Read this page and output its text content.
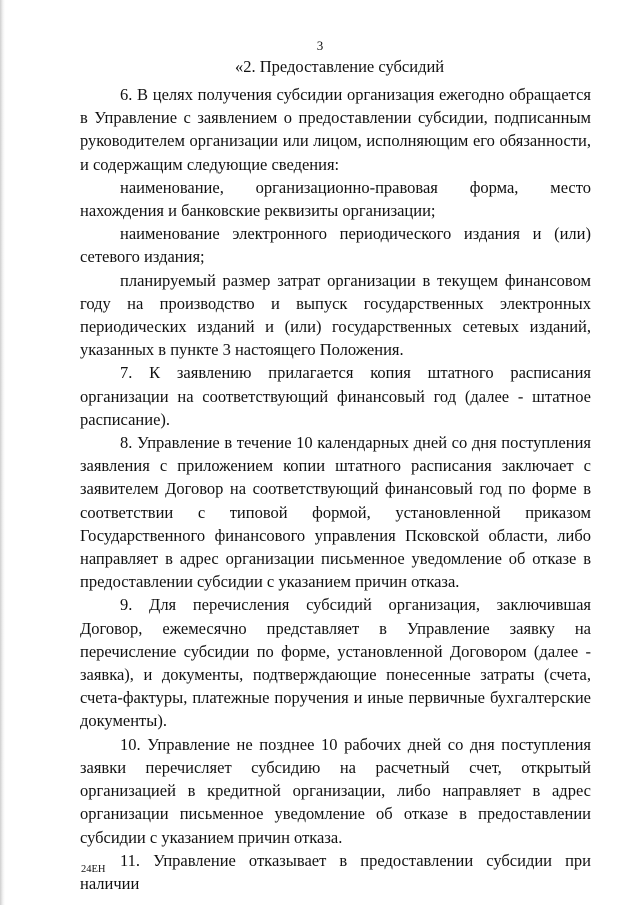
3
«2. Предоставление субсидий

6. В целях получения субсидии организация ежегодно обращается в Управление с заявлением о предоставлении субсидии, подписанным руководителем организации или лицом, исполняющим его обязанности, и содержащим следующие сведения:

наименование, организационно-правовая форма, место нахождения и банковские реквизиты организации;

наименование электронного периодического издания и (или) сетевого издания;

планируемый размер затрат организации в текущем финансовом году на производство и выпуск государственных электронных периодических изданий и (или) государственных сетевых изданий, указанных в пункте 3 настоящего Положения.

7. К заявлению прилагается копия штатного расписания организации на соответствующий финансовый год (далее - штатное расписание).

8. Управление в течение 10 календарных дней со дня поступления заявления с приложением копии штатного расписания заключает с заявителем Договор на соответствующий финансовый год по форме в соответствии с типовой формой, установленной приказом Государственного финансового управления Псковской области, либо направляет в адрес организации письменное уведомление об отказе в предоставлении субсидии с указанием причин отказа.

9. Для перечисления субсидий организация, заключившая Договор, ежемесячно представляет в Управление заявку на перечисление субсидии по форме, установленной Договором (далее - заявка), и документы, подтверждающие понесенные затраты (счета, счета-фактуры, платежные поручения и иные первичные бухгалтерские документы).

10. Управление не позднее 10 рабочих дней со дня поступления заявки перечисляет субсидию на расчетный счет, открытый организацией в кредитной организации, либо направляет в адрес организации письменное уведомление об отказе в предоставлении субсидии с указанием причин отказа.

11. Управление отказывает в предоставлении субсидии при наличии

24ЕН
